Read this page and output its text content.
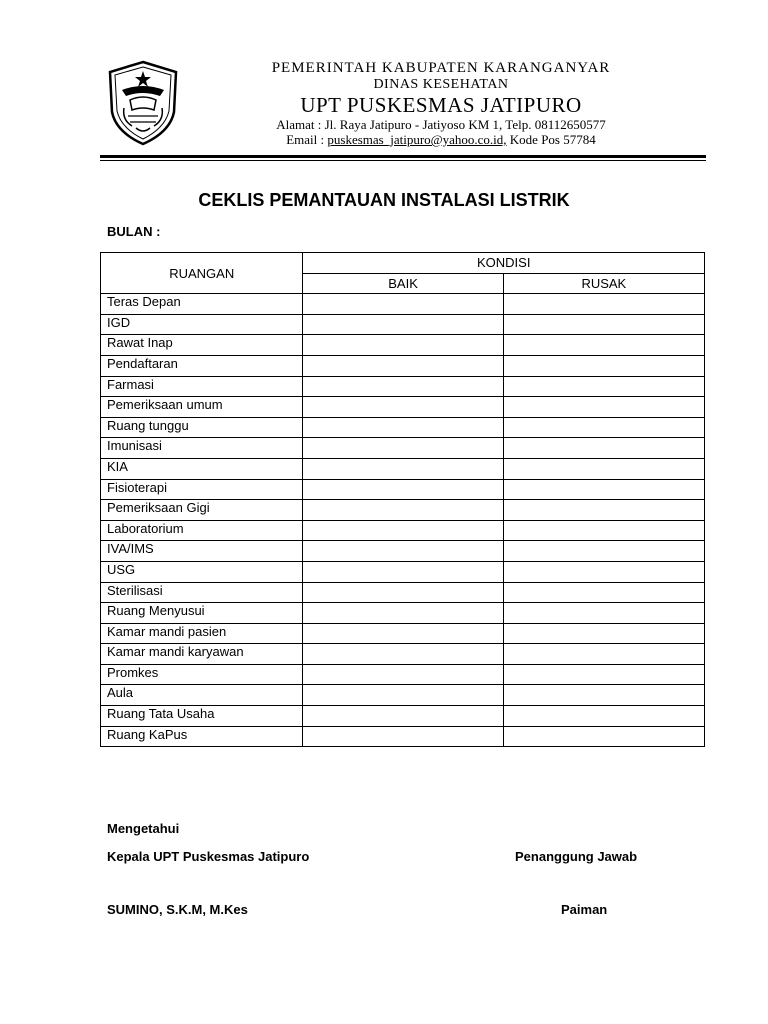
PEMERINTAH KABUPATEN KARANGANYAR
DINAS KESEHATAN
UPT PUSKESMAS JATIPURO
Alamat : Jl. Raya Jatipuro - Jatiyoso KM 1, Telp. 08112650577
Email : puskesmas_jatipuro@yahoo.co.id, Kode Pos 57784
CEKLIS PEMANTAUAN INSTALASI LISTRIK
BULAN :
RUANGAN	KONDISI	
	BAIK	RUSAK
Teras Depan		
IGD		
Rawat Inap		
Pendaftaran		
Farmasi		
Pemeriksaan umum		
Ruang tunggu		
Imunisasi		
KIA		
Fisioterapi		
Pemeriksaan Gigi		
Laboratorium		
IVA/IMS		
USG		
Sterilisasi		
Ruang Menyusui		
Kamar mandi pasien		
Kamar mandi karyawan		
Promkes		
Aula		
Ruang Tata Usaha		
Ruang KaPus		
Mengetahui
Kepala UPT Puskesmas Jatipuro	Penanggung Jawab
SUMINO, S.K.M, M.Kes	Paiman
